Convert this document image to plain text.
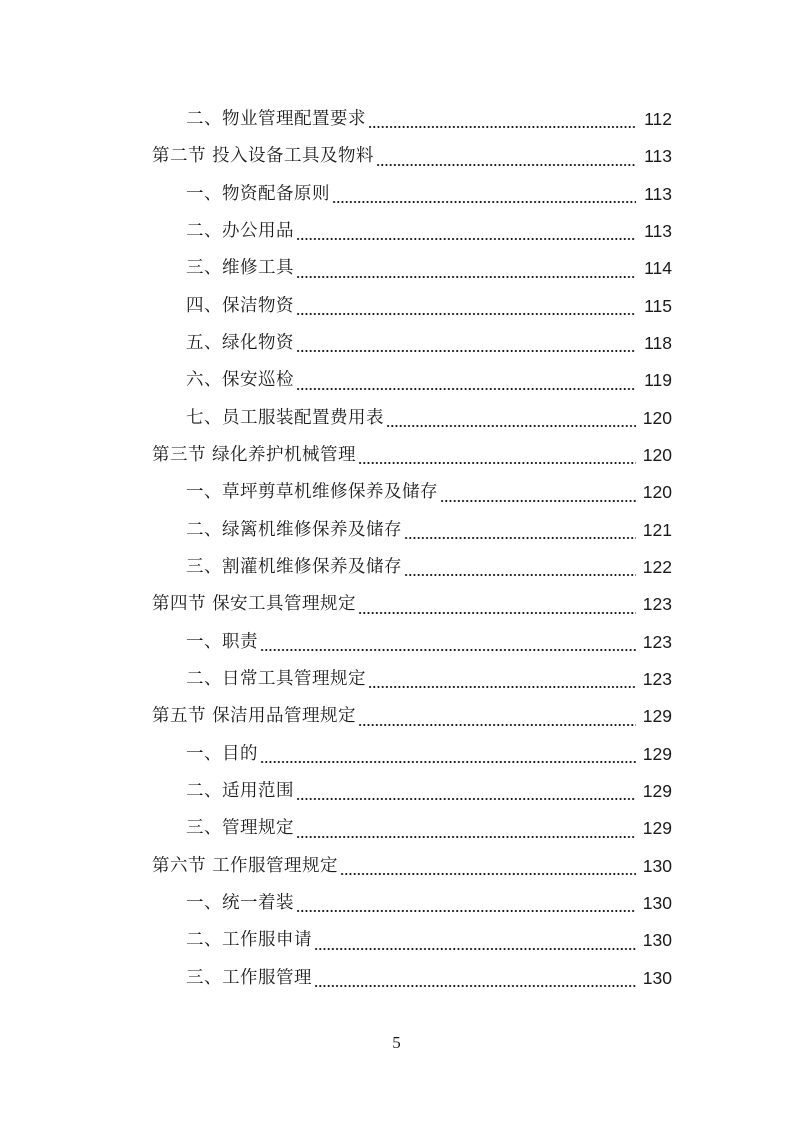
二、物业管理配置要求	112
第二节 投入设备工具及物料	113
一、物资配备原则	113
二、办公用品	113
三、维修工具	114
四、保洁物资	115
五、绿化物资	118
六、保安巡检	119
七、员工服装配置费用表	120
第三节 绿化养护机械管理	120
一、草坪剪草机维修保养及储存	120
二、绿篱机维修保养及储存	121
三、割灌机维修保养及储存	122
第四节 保安工具管理规定	123
一、职责	123
二、日常工具管理规定	123
第五节 保洁用品管理规定	129
一、目的	129
二、适用范围	129
三、管理规定	129
第六节 工作服管理规定	130
一、统一着装	130
二、工作服申请	130
三、工作服管理	130
5
